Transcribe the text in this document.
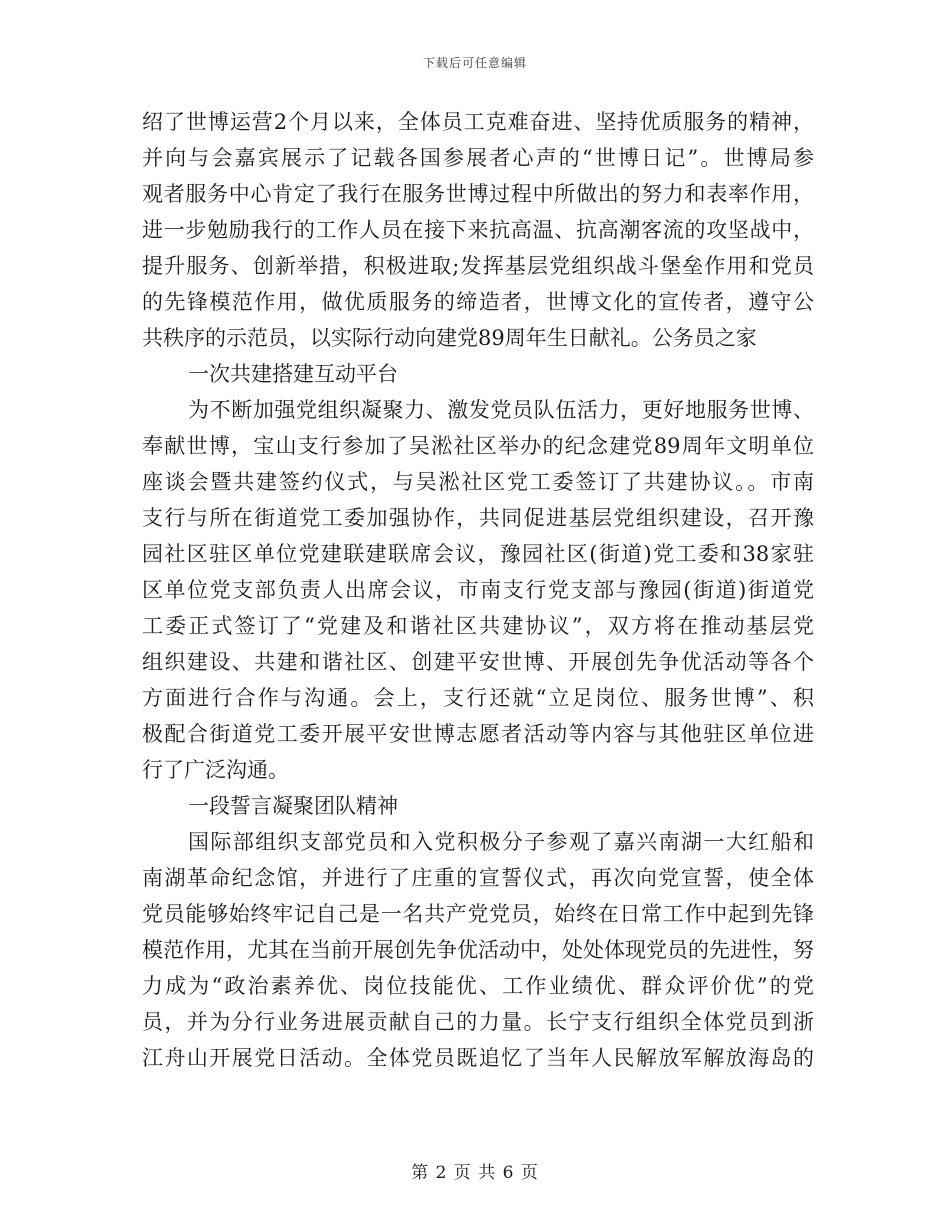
下载后可任意编辑
绍了世博运营2个月以来，全体员工克难奋进、坚持优质服务的精神，
并向与会嘉宾展示了记载各国参展者心声的“世博日记”。世博局参
观者服务中心肯定了我行在服务世博过程中所做出的努力和表率作用，
进一步勉励我行的工作人员在接下来抗高温、抗高潮客流的攻坚战中，
提升服务、创新举措，积极进取;发挥基层党组织战斗堡垒作用和党员
的先锋模范作用，做优质服务的缔造者，世博文化的宣传者，遵守公
共秩序的示范员，以实际行动向建党89周年生日献礼。公务员之家
一次共建搭建互动平台
为不断加强党组织凝聚力、激发党员队伍活力，更好地服务世博、
奉献世博，宝山支行参加了吴淞社区举办的纪念建党89周年文明单位
座谈会暨共建签约仪式，与吴淞社区党工委签订了共建协议。。市南
支行与所在街道党工委加强协作，共同促进基层党组织建设，召开豫
园社区驻区单位党建联建联席会议，豫园社区(街道)党工委和38家驻
区单位党支部负责人出席会议，市南支行党支部与豫园(街道)街道党
工委正式签订了“党建及和谐社区共建协议”，双方将在推动基层党
组织建设、共建和谐社区、创建平安世博、开展创先争优活动等各个
方面进行合作与沟通。会上，支行还就“立足岗位、服务世博”、积
极配合街道党工委开展平安世博志愿者活动等内容与其他驻区单位进
行了广泛沟通。
一段誓言凝聚团队精神
国际部组织支部党员和入党积极分子参观了嘉兴南湖一大红船和
南湖革命纪念馆，并进行了庄重的宣誓仪式，再次向党宣誓，使全体
党员能够始终牢记自己是一名共产党党员，始终在日常工作中起到先锋
模范作用，尤其在当前开展创先争优活动中，处处体现党员的先进性，努
力成为“政治素养优、岗位技能优、工作业绩优、群众评价优”的党
员，并为分行业务进展贡献自己的力量。长宁支行组织全体党员到浙
江舟山开展党日活动。全体党员既追忆了当年人民解放军解放海岛的
第 2 页 共 6 页
